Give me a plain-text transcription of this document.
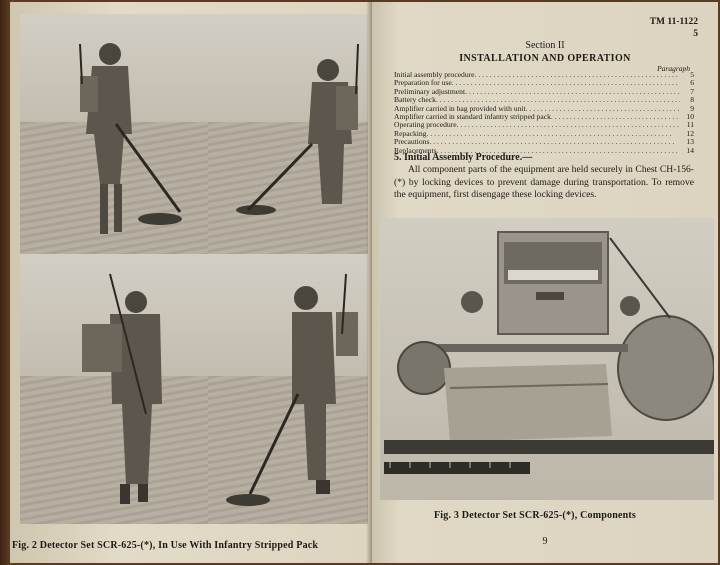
Fig. 2 Detector Set SCR-625-(*), In Use With Infantry Stripped Pack
TM 11-1122
5
Section II
INSTALLATION AND OPERATION
Paragraph
Initial assembly procedure . . .	5
Preparation for use . . .	6
Preliminary adjustment . . .	7
Battery check . . .	8
Amplifier carried in bag provided with unit . . .	9
Amplifier carried in standard infantry stripped pack . . .	10
Operating procedure . . .	11
Repacking . . .	12
Precautions . . .	13
Replacements . . .	14
5. Initial Assembly Procedure.—
All component parts of the equipment are held securely in Chest CH-156-(*) by locking devices to prevent damage during transportation. To remove the equipment, first disengage these locking devices.
Fig. 3 Detector Set SCR-625-(*), Components
9
